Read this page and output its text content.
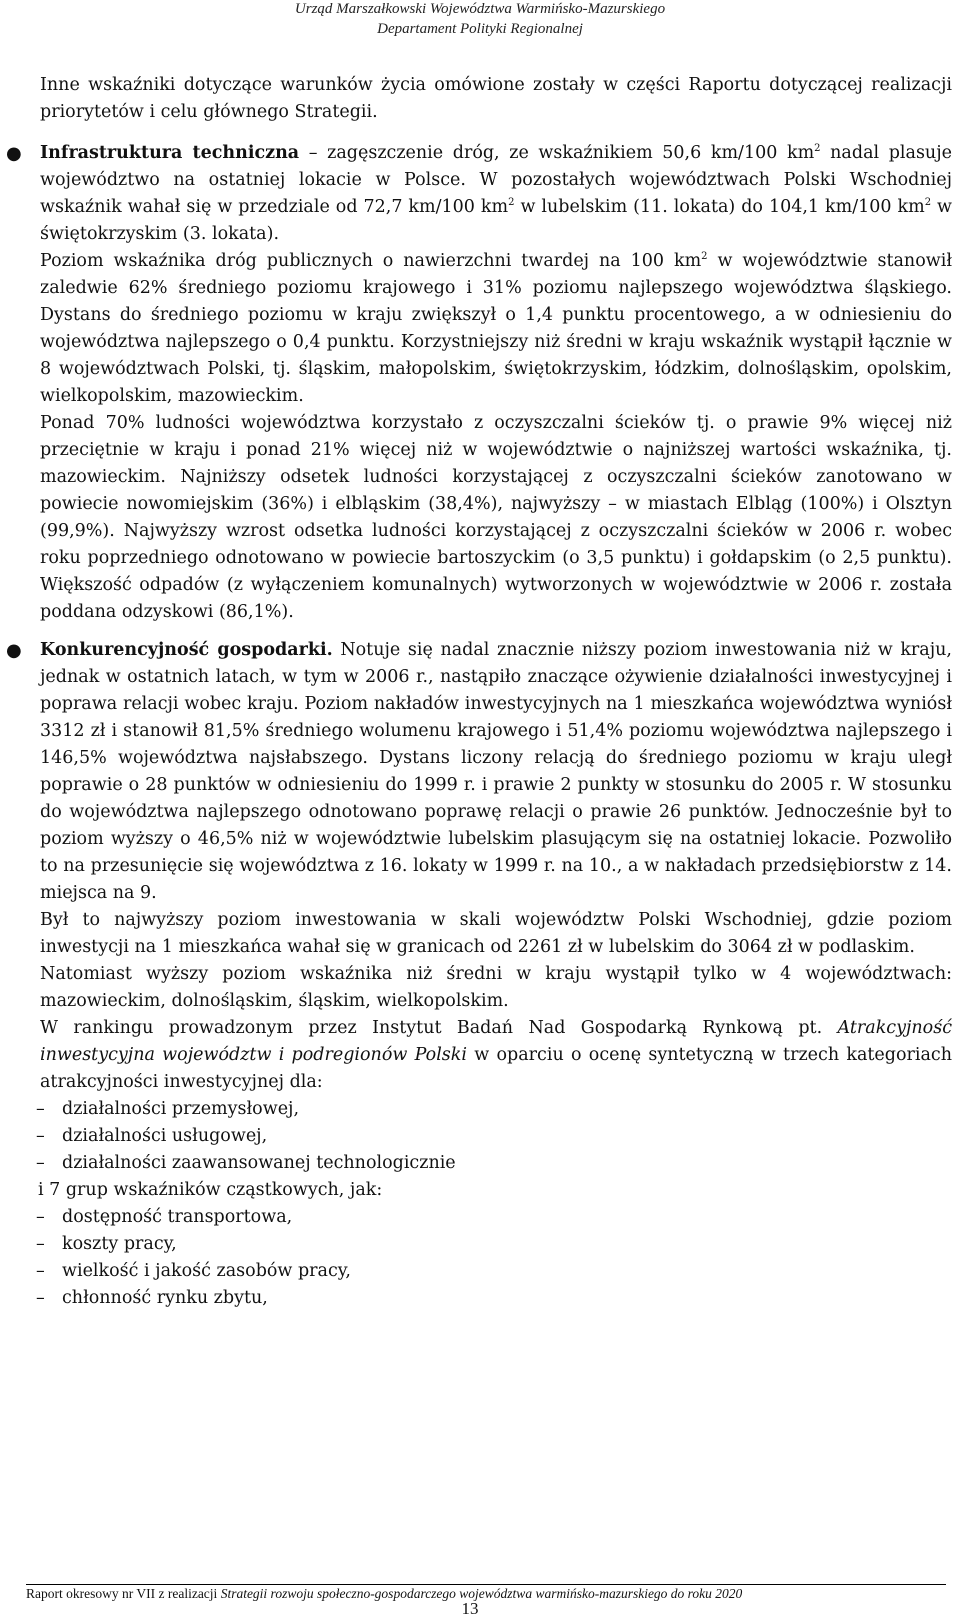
Urząd Marszałkowski Województwa Warmińsko-Mazurskiego
Departament Polityki Regionalnej

Inne wskaźniki dotyczące warunków życia omówione zostały w części Raportu dotyczącej realizacji priorytetów i celu głównego Strategii.

● Infrastruktura techniczna – zagęszczenie dróg, ze wskaźnikiem 50,6 km/100 $km^2$ nadal plasuje województwo na ostatniej lokacie w Polsce. W pozostałych województwach Polski Wschodniej wskaźnik wahał się w przedziale od 72,7 km/100 $km^2$ w lubelskim (11. lokata) do 104,1 km/100 $km^2$ w świętokrzyskim (3. lokata).

Poziom wskaźnika dróg publicznych o nawierzchni twardej na 100 $km^2$ w województwie stanowił zaledwie 62% średniego poziomu krajowego i 31% poziomu najlepszego województwa śląskiego. Dystans do średniego poziomu w kraju zwiększył o 1,4 punktu procentowego, a w odniesieniu do województwa najlepszego o 0,4 punktu. Korzystniejszy niż średni w kraju wskaźnik wystąpił łącznie w 8 województwach Polski, tj. śląskim, małopolskim, świętokrzyskim, łódzkim, dolnośląskim, opolskim, wielkopolskim, mazowieckim.

Ponad 70% ludności województwa korzystało z oczyszczalni ścieków tj. o prawie 9% więcej niż przeciętnie w kraju i ponad 21% więcej niż w województwie o najniższej wartości wskaźnika, tj. mazowieckim. Najniższy odsetek ludności korzystającej z oczyszczalni ścieków zanotowano w powiecie nowomiejskim (36%) i elbląskim (38,4%), najwyższy – w miastach Elbląg (100%) i Olsztyn (99,9%). Najwyższy wzrost odsetka ludności korzystającej z oczyszczalni ścieków w 2006 r. wobec roku poprzedniego odnotowano w powiecie bartoszyckim (o 3,5 punktu) i gołdapskim (o 2,5 punktu). Większość odpadów (z wyłączeniem komunalnych) wytworzonych w województwie w 2006 r. została poddana odzyskowi (86,1%).

● Konkurencyjność gospodarki. Notuje się nadal znacznie niższy poziom inwestowania niż w kraju, jednak w ostatnich latach, w tym w 2006 r., nastąpiło znaczące ożywienie działalności inwestycyjnej i poprawa relacji wobec kraju. Poziom nakładów inwestycyjnych na 1 mieszkańca województwa wyniósł 3312 zł i stanowił 81,5% średniego wolumenu krajowego i 51,4% poziomu województwa najlepszego i 146,5% województwa najsłabszego. Dystans liczony relacją do średniego poziomu w kraju uległ poprawie o 28 punktów w odniesieniu do 1999 r. i prawie 2 punkty w stosunku do 2005 r. W stosunku do województwa najlepszego odnotowano poprawę relacji o prawie 26 punktów. Jednocześnie był to poziom wyższy o 46,5% niż w województwie lubelskim plasującym się na ostatniej lokacie. Pozwoliło to na przesunięcie się województwa z 16. lokaty w 1999 r. na 10., a w nakładach przedsiębiorstw z 14. miejsca na 9.

Był to najwyższy poziom inwestowania w skali województw Polski Wschodniej, gdzie poziom inwestycji na 1 mieszkańca wahał się w granicach od 2261 zł w lubelskim do 3064 zł w podlaskim.

Natomiast wyższy poziom wskaźnika niż średni w kraju wystąpił tylko w 4 województwach: mazowieckim, dolnośląskim, śląskim, wielkopolskim.

W rankingu prowadzonym przez Instytut Badań Nad Gospodarką Rynkową pt. Atrakcyjność inwestycyjna województw i podregionów Polski w oparciu o ocenę syntetyczną w trzech kategoriach atrakcyjności inwestycyjnej dla:

– działalności przemysłowej,

– działalności usługowej,

– działalności zaawansowanej technologicznie

i 7 grup wskaźników cząstkowych, jak:

– dostępność transportowa,

– koszty pracy,

– wielkość i jakość zasobów pracy,

– chłonność rynku zbytu,

Raport okresowy nr VII z realizacji Strategii rozwoju społeczno-gospodarczego województwa warmińsko-mazurskiego do roku 2020
13
